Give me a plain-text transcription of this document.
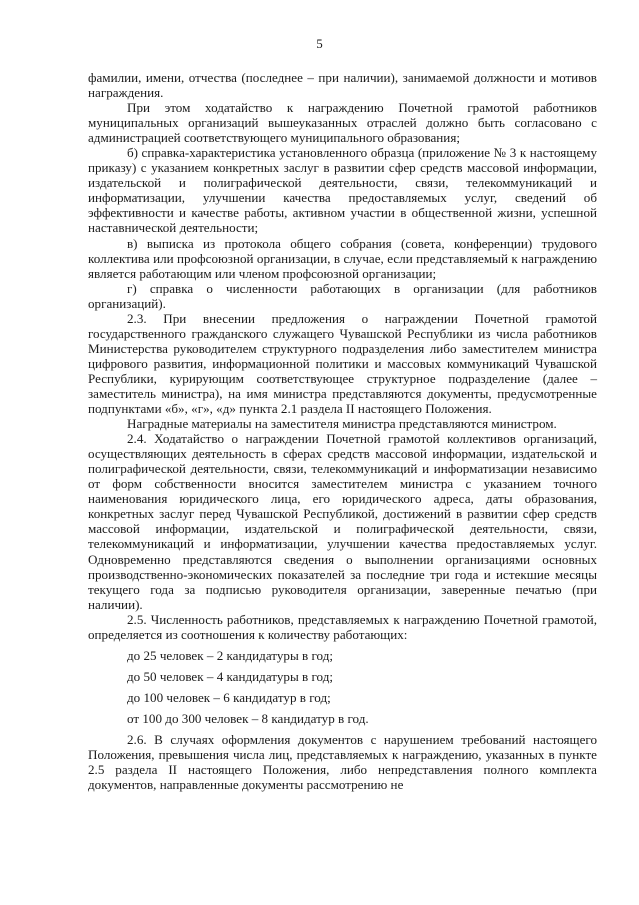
5

фамилии, имени, отчества (последнее – при наличии), занимаемой должности и мотивов награждения.

При этом ходатайство к награждению Почетной грамотой работников муниципальных организаций вышеуказанных отраслей должно быть согласовано с администрацией соответствующего муниципального образования;

б) справка-характеристика установленного образца (приложение № 3 к настоящему приказу) с указанием конкретных заслуг в развитии сфер средств массовой информации, издательской и полиграфической деятельности, связи, телекоммуникаций и информатизации, улучшении качества предоставляемых услуг, сведений об эффективности и качестве работы, активном участии в общественной жизни, успешной наставнической деятельности;

в) выписка из протокола общего собрания (совета, конференции) трудового коллектива или профсоюзной организации, в случае, если представляемый к награждению является работающим или членом профсоюзной организации;

г) справка о численности работающих в организации (для работников организаций).

2.3. При внесении предложения о награждении Почетной грамотой государственного гражданского служащего Чувашской Республики из числа работников Министерства руководителем структурного подразделения либо заместителем министра цифрового развития, информационной политики и массовых коммуникаций Чувашской Республики, курирующим соответствующее структурное подразделение (далее – заместитель министра), на имя министра представляются документы, предусмотренные подпунктами «б», «г», «д» пункта 2.1 раздела II настоящего Положения.

Наградные материалы на заместителя министра представляются министром.

2.4. Ходатайство о награждении Почетной грамотой коллективов организаций, осуществляющих деятельность в сферах средств массовой информации, издательской и полиграфической деятельности, связи, телекоммуникаций и информатизации независимо от форм собственности вносится заместителем министра с указанием точного наименования юридического лица, его юридического адреса, даты образования, конкретных заслуг перед Чувашской Республикой, достижений в развитии сфер средств массовой информации, издательской и полиграфической деятельности, связи, телекоммуникаций и информатизации, улучшении качества предоставляемых услуг. Одновременно представляются сведения о выполнении организациями основных производственно-экономических показателей за последние три года и истекшие месяцы текущего года за подписью руководителя организации, заверенные печатью (при наличии).

2.5. Численность работников, представляемых к награждению Почетной грамотой, определяется из соотношения к количеству работающих:

до 25 человек – 2 кандидатуры в год;

до 50 человек – 4 кандидатуры в год;

до 100 человек – 6 кандидатур в год;

от 100 до 300 человек – 8 кандидатур в год.

2.6. В случаях оформления документов с нарушением требований настоящего Положения, превышения числа лиц, представляемых к награждению, указанных в пункте 2.5 раздела II настоящего Положения, либо непредставления полного комплекта документов, направленные документы рассмотрению не
